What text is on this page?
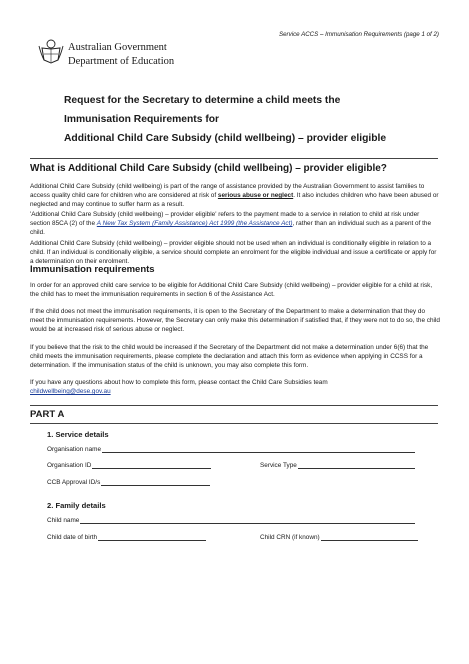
Service ACCS – Immunisation Requirements (page 1 of 2)
Australian Government
Department of Education
Request for the Secretary to determine a child meets the
Immunisation Requirements for
Additional Child Care Subsidy (child wellbeing) – provider eligible
What is Additional Child Care Subsidy (child wellbeing) – provider eligible?
Additional Child Care Subsidy (child wellbeing) is part of the range of assistance provided by the Australian Government to assist families to access quality child care for children who are considered at risk of serious abuse or neglect. It also includes children who have been abused or neglected and may continue to suffer harm as a result.
'Additional Child Care Subsidy (child wellbeing) – provider eligible' refers to the payment made to a service in relation to child at risk under section 85CA (2) of the A New Tax System (Family Assistance) Act 1999 (the Assistance Act), rather than an individual such as a parent of the child.
Additional Child Care Subsidy (child wellbeing) – provider eligible should not be used when an individual is conditionally eligible in relation to a child. If an individual is conditionally eligible, a service should complete an enrolment for the eligible individual and issue a certificate or apply for a determination on their enrolment.
Immunisation requirements
In order for an approved child care service to be eligible for Additional Child Care Subsidy (child wellbeing) – provider eligible for a child at risk, the child has to meet the immunisation requirements in section 6 of the Assistance Act.
If the child does not meet the immunisation requirements, it is open to the Secretary of the Department to make a determination that they do meet the immunisation requirements. However, the Secretary can only make this determination if satisfied that, if they were not to do so, the child would be at increased risk of serious abuse or neglect.
If you believe that the risk to the child would be increased if the Secretary of the Department did not make a determination under 6(6) that the child meets the immunisation requirements, please complete the declaration and attach this form as evidence when applying in CCSS for a determination. If the immunisation status of the child is unknown, you may also complete this form.
If you have any questions about how to complete this form, please contact the Child Care Subsidies team
childwellbeing@dese.gov.au
PART A
1. Service details
Organisation name
Organisation ID	Service Type
CCB Approval ID/s
2. Family details
Child name
Child date of birth	Child CRN (if known)
